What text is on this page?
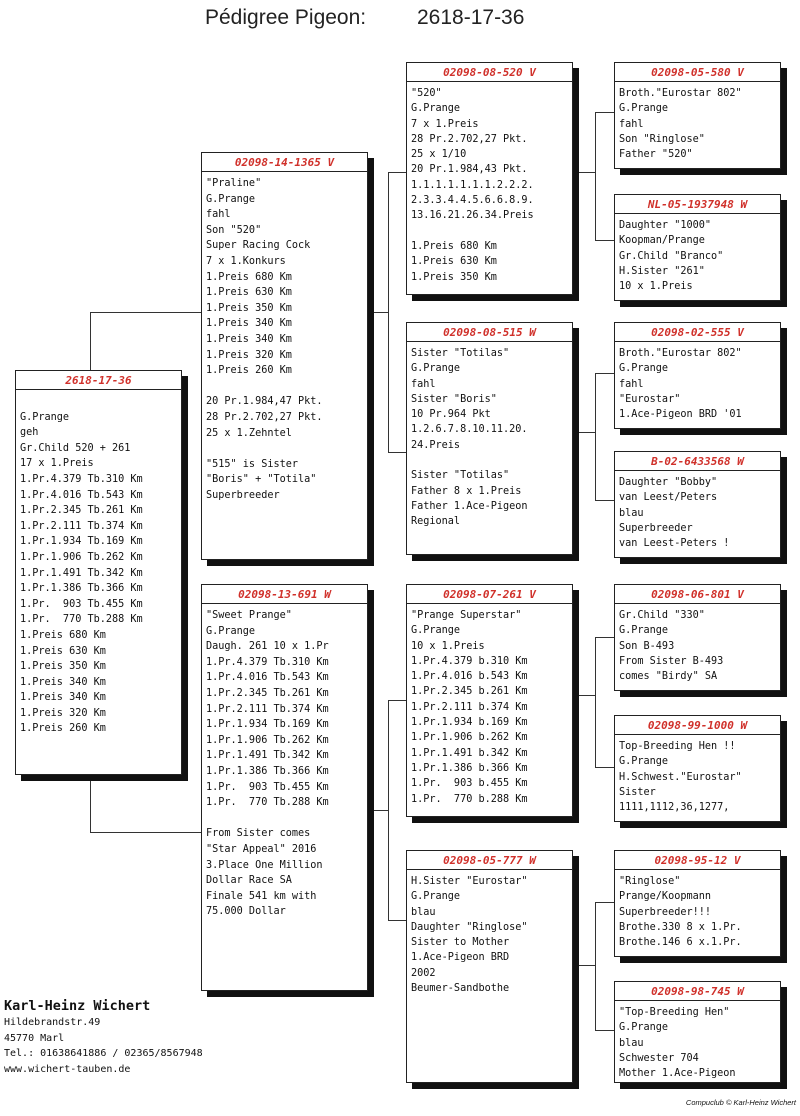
Pédigree Pigeon: 2618-17-36
2618-17-36

G.Prange
geh
Gr.Child 520 + 261
17 x 1.Preis
1.Pr.4.379 Tb.310 Km
1.Pr.4.016 Tb.543 Km
1.Pr.2.345 Tb.261 Km
1.Pr.2.111 Tb.374 Km
1.Pr.1.934 Tb.169 Km
1.Pr.1.906 Tb.262 Km
1.Pr.1.491 Tb.342 Km
1.Pr.1.386 Tb.366 Km
1.Pr.  903 Tb.455 Km
1.Pr.  770 Tb.288 Km
1.Preis 680 Km
1.Preis 630 Km
1.Preis 350 Km
1.Preis 340 Km
1.Preis 340 Km
1.Preis 320 Km
1.Preis 260 Km
02098-14-1365 V
"Praline"
G.Prange
fahl
Son "520"
Super Racing Cock
7 x 1.Konkurs
1.Preis 680 Km
1.Preis 630 Km
1.Preis 350 Km
1.Preis 340 Km
1.Preis 340 Km
1.Preis 320 Km
1.Preis 260 Km

20 Pr.1.984,47 Pkt.
28 Pr.2.702,27 Pkt.
25 x 1.Zehntel

"515" is Sister
"Boris" + "Totila"
Superbreeder
02098-13-691 W
"Sweet Prange"
G.Prange
Daugh. 261 10 x 1.Pr
1.Pr.4.379 Tb.310 Km
1.Pr.4.016 Tb.543 Km
1.Pr.2.345 Tb.261 Km
1.Pr.2.111 Tb.374 Km
1.Pr.1.934 Tb.169 Km
1.Pr.1.906 Tb.262 Km
1.Pr.1.491 Tb.342 Km
1.Pr.1.386 Tb.366 Km
1.Pr.  903 Tb.455 Km
1.Pr.  770 Tb.288 Km

From Sister comes
"Star Appeal" 2016
3.Place One Million
Dollar Race SA
Finale 541 km with
75.000 Dollar
02098-08-520 V
"520"
G.Prange
7 x 1.Preis
28 Pr.2.702,27 Pkt.
25 x 1/10
20 Pr.1.984,43 Pkt.
1.1.1.1.1.1.1.2.2.2.
2.3.3.4.4.5.6.6.8.9.
13.16.21.26.34.Preis

1.Preis 680 Km
1.Preis 630 Km
1.Preis 350 Km
02098-08-515 W
Sister "Totilas"
G.Prange
fahl
Sister "Boris"
10 Pr.964 Pkt
1.2.6.7.8.10.11.20.
24.Preis

Sister "Totilas"
Father 8 x 1.Preis
Father 1.Ace-Pigeon
Regional
02098-07-261 V
"Prange Superstar"
G.Prange
10 x 1.Preis
1.Pr.4.379 b.310 Km
1.Pr.4.016 b.543 Km
1.Pr.2.345 b.261 Km
1.Pr.2.111 b.374 Km
1.Pr.1.934 b.169 Km
1.Pr.1.906 b.262 Km
1.Pr.1.491 b.342 Km
1.Pr.1.386 b.366 Km
1.Pr.  903 b.455 Km
1.Pr.  770 b.288 Km
02098-05-777 W
H.Sister "Eurostar"
G.Prange
blau
Daughter "Ringlose"
Sister to Mother
1.Ace-Pigeon BRD
2002
Beumer-Sandbothe
02098-05-580 V
Broth."Eurostar 802"
G.Prange
fahl
Son "Ringlose"
Father "520"
NL-05-1937948 W
Daughter "1000"
Koopman/Prange
Gr.Child "Branco"
H.Sister "261"
10 x 1.Preis
02098-02-555 V
Broth."Eurostar 802"
G.Prange
fahl
"Eurostar"
1.Ace-Pigeon BRD '01
B-02-6433568 W
Daughter "Bobby"
van Leest/Peters
blau
Superbreeder
van Leest-Peters !
02098-06-801 V
Gr.Child "330"
G.Prange
Son B-493
From Sister B-493
comes "Birdy" SA
02098-99-1000 W
Top-Breeding Hen !!
G.Prange
H.Schwest."Eurostar"
Sister
1111,1112,36,1277,
02098-95-12 V
"Ringlose"
Prange/Koopmann
Superbreeder!!!
Brothe.330 8 x 1.Pr.
Brothe.146 6 x.1.Pr.
02098-98-745 W
"Top-Breeding Hen"
G.Prange
blau
Schwester 704
Mother 1.Ace-Pigeon
Karl-Heinz Wichert
Hildebrandstr.49
45770 Marl
Tel.: 01638641886 / 02365/8567948
www.wichert-tauben.de
Compuclub © Karl-Heinz Wichert
